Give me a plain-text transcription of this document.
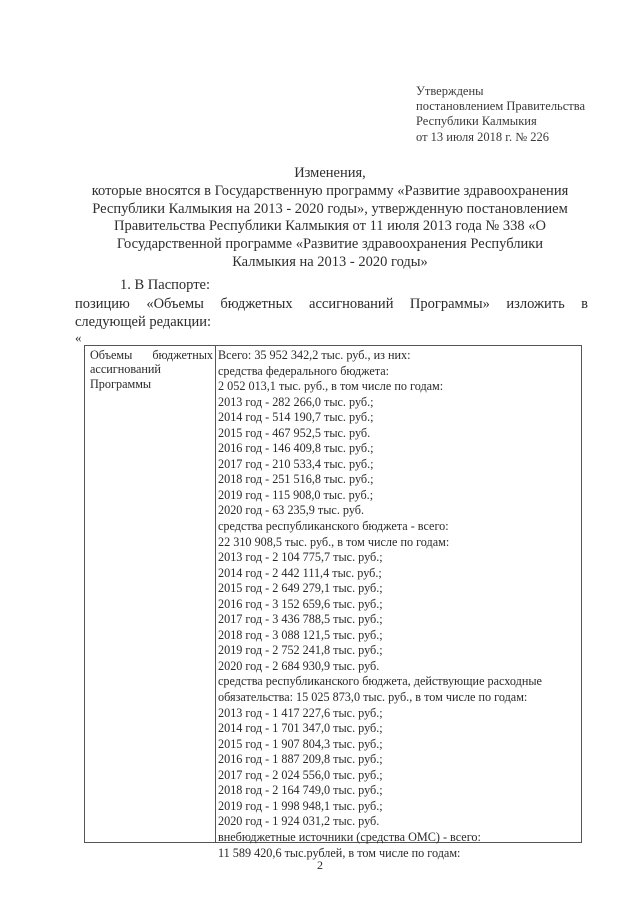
Утверждены
постановлением Правительства
Республики Калмыкия
от 13 июля 2018 г. № 226
Изменения,
которые вносятся в Государственную программу «Развитие здравоохранения
Республики Калмыкия на 2013 - 2020 годы», утвержденную постановлением
Правительства Республики Калмыкия от 11 июля 2013 года № 338 «О
Государственной программе «Развитие здравоохранения Республики
Калмыкия на 2013 - 2020 годы»
1. В Паспорте:
позицию «Объемы бюджетных ассигнований Программы» изложить в
следующей редакции:
«
Объемы бюджетных
ассигнований
Программы
Всего: 35 952 342,2 тыс. руб., из них:
средства федерального бюджета:
2 052 013,1 тыс. руб., в том числе по годам:
2013 год - 282 266,0 тыс. руб.;
2014 год - 514 190,7 тыс. руб.;
2015 год - 467 952,5 тыс. руб.
2016 год - 146 409,8 тыс. руб.;
2017 год - 210 533,4 тыс. руб.;
2018 год - 251 516,8 тыс. руб.;
2019 год - 115 908,0 тыс. руб.;
2020 год - 63 235,9 тыс. руб.
средства республиканского бюджета - всего:
22 310 908,5 тыс. руб., в том числе по годам:
2013 год - 2 104 775,7 тыс. руб.;
2014 год - 2 442 111,4 тыс. руб.;
2015 год - 2 649 279,1 тыс. руб.;
2016 год - 3 152 659,6 тыс. руб.;
2017 год - 3 436 788,5 тыс. руб.;
2018 год - 3 088 121,5 тыс. руб.;
2019 год - 2 752 241,8 тыс. руб.;
2020 год - 2 684 930,9 тыс. руб.
средства республиканского бюджета, действующие расходные
обязательства: 15 025 873,0 тыс. руб., в том числе по годам:
2013 год - 1 417 227,6 тыс. руб.;
2014 год - 1 701 347,0 тыс. руб.;
2015 год - 1 907 804,3 тыс. руб.;
2016 год - 1 887 209,8 тыс. руб.;
2017 год - 2 024 556,0 тыс. руб.;
2018 год - 2 164 749,0 тыс. руб.;
2019 год - 1 998 948,1 тыс. руб.;
2020 год - 1 924 031,2 тыс. руб.
внебюджетные источники (средства ОМС) - всего:
11 589 420,6 тыс.рублей, в том числе по годам:
2
